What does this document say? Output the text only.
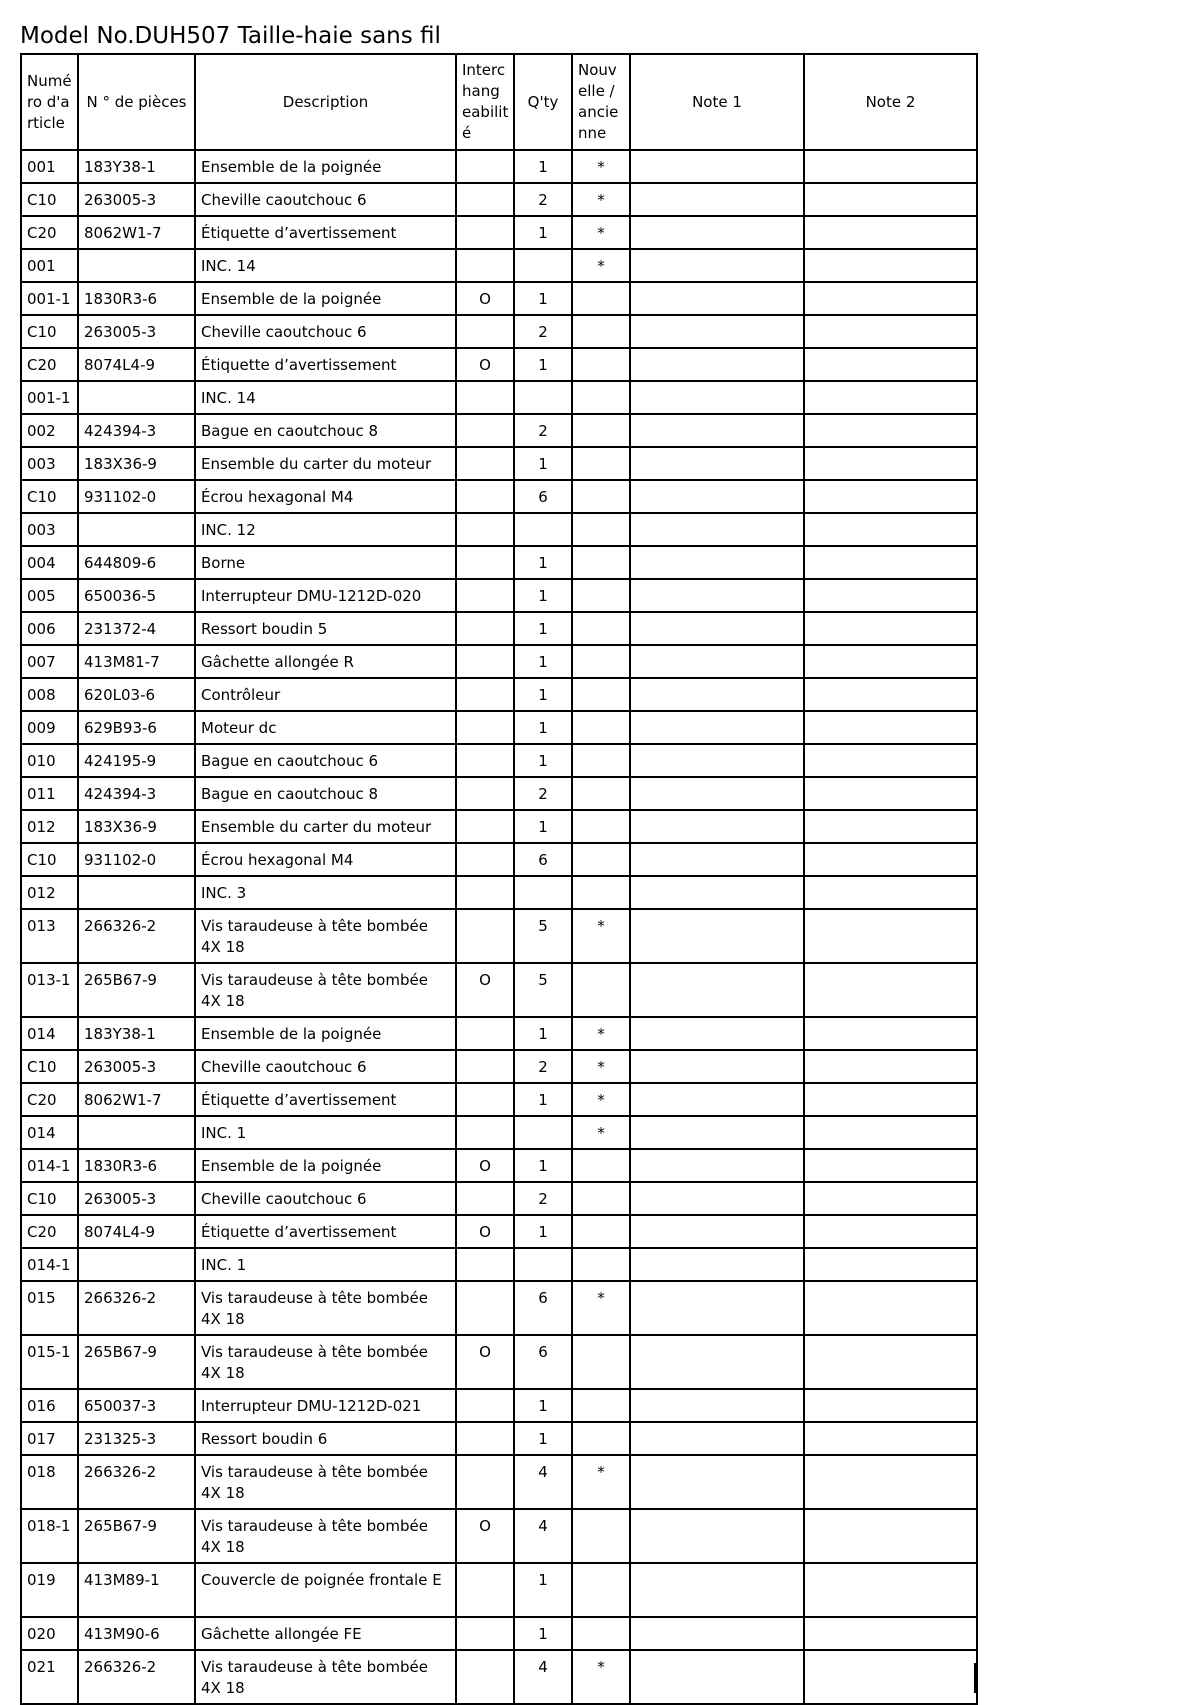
Model No.DUH507 Taille-haie sans fil
Numé ro d'a rticle	N ° de pièces	Description	Interc hang eabilit é	Q'ty	Nouv elle / ancie nne	Note 1	Note 2
001	183Y38-1	Ensemble de la poignée		1	*		
C10	263005-3	Cheville caoutchouc 6		2	*		
C20	8062W1-7	Étiquette d’avertissement		1	*		
001		INC. 14			*		
001-1	1830R3-6	Ensemble de la poignée	O	1			
C10	263005-3	Cheville caoutchouc 6		2			
C20	8074L4-9	Étiquette d’avertissement	O	1			
001-1		INC. 14					
002	424394-3	Bague en caoutchouc 8		2			
003	183X36-9	Ensemble du carter du moteur		1			
C10	931102-0	Écrou hexagonal M4		6			
003		INC. 12					
004	644809-6	Borne		1			
005	650036-5	Interrupteur DMU-1212D-020		1			
006	231372-4	Ressort boudin 5		1			
007	413M81-7	Gâchette allongée R		1			
008	620L03-6	Contrôleur		1			
009	629B93-6	Moteur dc		1			
010	424195-9	Bague en caoutchouc 6		1			
011	424394-3	Bague en caoutchouc 8		2			
012	183X36-9	Ensemble du carter du moteur		1			
C10	931102-0	Écrou hexagonal M4		6			
012		INC. 3					
013	266326-2	Vis taraudeuse à tête bombée 4X 18		5	*		
013-1	265B67-9	Vis taraudeuse à tête bombée 4X 18	O	5			
014	183Y38-1	Ensemble de la poignée		1	*		
C10	263005-3	Cheville caoutchouc 6		2	*		
C20	8062W1-7	Étiquette d’avertissement		1	*		
014		INC. 1			*		
014-1	1830R3-6	Ensemble de la poignée	O	1			
C10	263005-3	Cheville caoutchouc 6		2			
C20	8074L4-9	Étiquette d’avertissement	O	1			
014-1		INC. 1					
015	266326-2	Vis taraudeuse à tête bombée 4X 18		6	*		
015-1	265B67-9	Vis taraudeuse à tête bombée 4X 18	O	6			
016	650037-3	Interrupteur DMU-1212D-021		1			
017	231325-3	Ressort boudin 6		1			
018	266326-2	Vis taraudeuse à tête bombée 4X 18		4	*		
018-1	265B67-9	Vis taraudeuse à tête bombée 4X 18	O	4			
019	413M89-1	Couvercle de poignée frontale E		1			
020	413M90-6	Gâchette allongée FE		1			
021	266326-2	Vis taraudeuse à tête bombée 4X 18		4	*		
